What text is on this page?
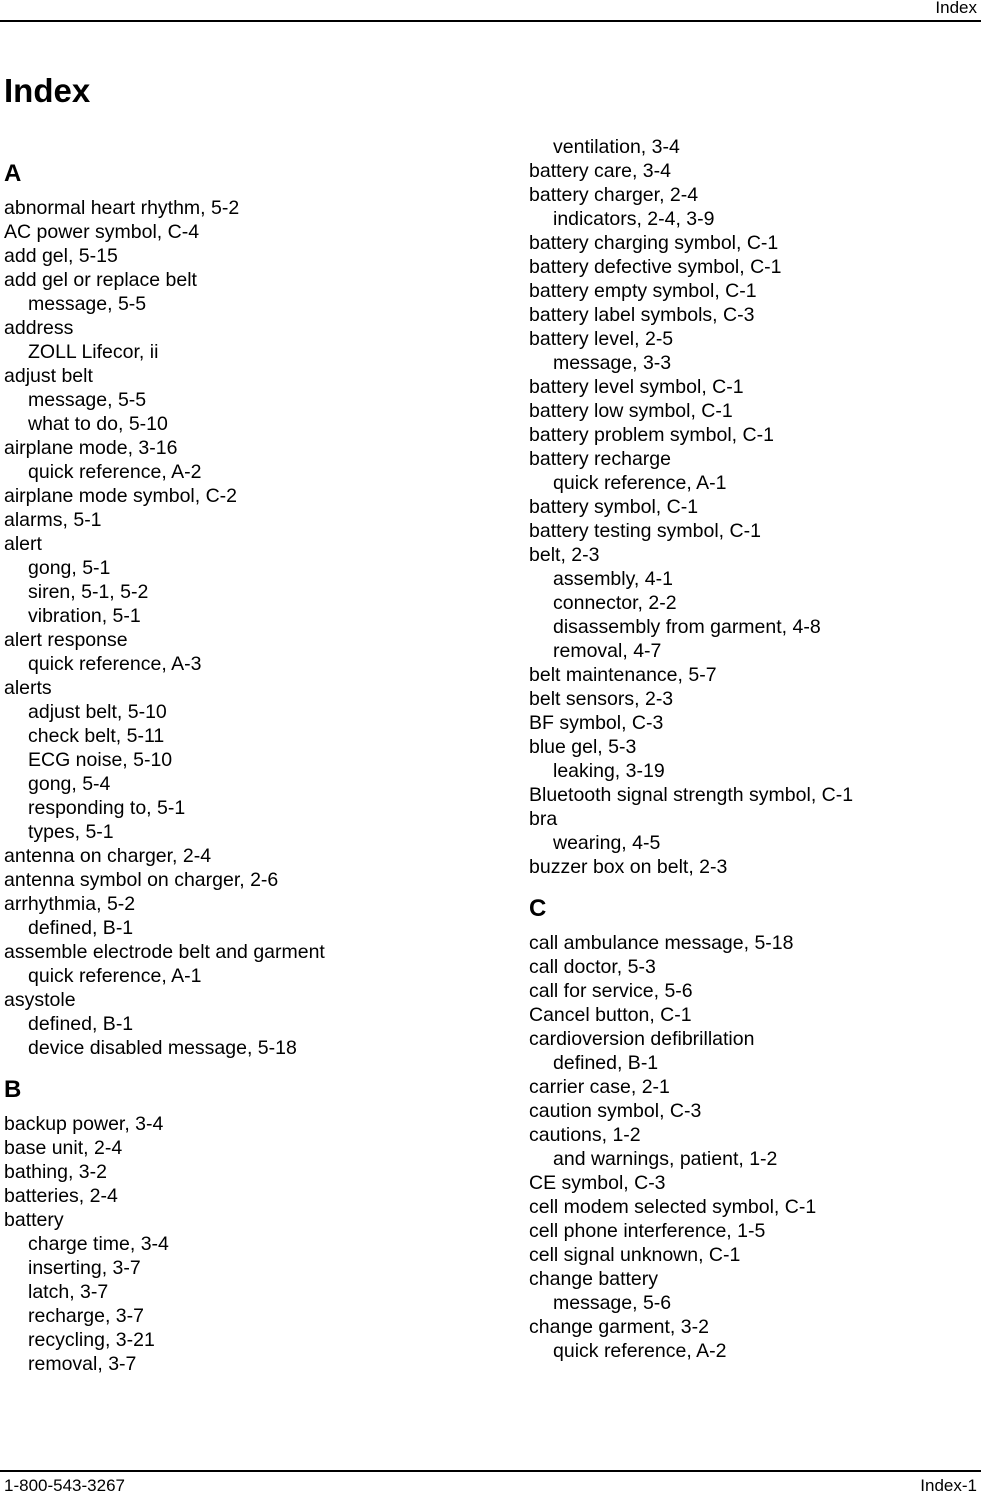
Index
Index
A
abnormal heart rhythm, 5-2
AC power symbol, C-4
add gel, 5-15
add gel or replace belt
message, 5-5
address
ZOLL Lifecor, ii
adjust belt
message, 5-5
what to do, 5-10
airplane mode, 3-16
quick reference, A-2
airplane mode symbol, C-2
alarms, 5-1
alert
gong, 5-1
siren, 5-1, 5-2
vibration, 5-1
alert response
quick reference, A-3
alerts
adjust belt, 5-10
check belt, 5-11
ECG noise, 5-10
gong, 5-4
responding to, 5-1
types, 5-1
antenna on charger, 2-4
antenna symbol on charger, 2-6
arrhythmia, 5-2
defined, B-1
assemble electrode belt and garment
quick reference, A-1
asystole
defined, B-1
device disabled message, 5-18
B
backup power, 3-4
base unit, 2-4
bathing, 3-2
batteries, 2-4
battery
charge time, 3-4
inserting, 3-7
latch, 3-7
recharge, 3-7
recycling, 3-21
removal, 3-7
ventilation, 3-4
battery care, 3-4
battery charger, 2-4
indicators, 2-4, 3-9
battery charging symbol, C-1
battery defective symbol, C-1
battery empty symbol, C-1
battery label symbols, C-3
battery level, 2-5
message, 3-3
battery level symbol, C-1
battery low symbol, C-1
battery problem symbol, C-1
battery recharge
quick reference, A-1
battery symbol, C-1
battery testing symbol, C-1
belt, 2-3
assembly, 4-1
connector, 2-2
disassembly from garment, 4-8
removal, 4-7
belt maintenance, 5-7
belt sensors, 2-3
BF symbol, C-3
blue gel, 5-3
leaking, 3-19
Bluetooth signal strength symbol, C-1
bra
wearing, 4-5
buzzer box on belt, 2-3
C
call ambulance message, 5-18
call doctor, 5-3
call for service, 5-6
Cancel button, C-1
cardioversion defibrillation
defined, B-1
carrier case, 2-1
caution symbol, C-3
cautions, 1-2
and warnings, patient, 1-2
CE symbol, C-3
cell modem selected symbol, C-1
cell phone interference, 1-5
cell signal unknown, C-1
change battery
message, 5-6
change garment, 3-2
quick reference, A-2
1-800-543-3267	Index-1
